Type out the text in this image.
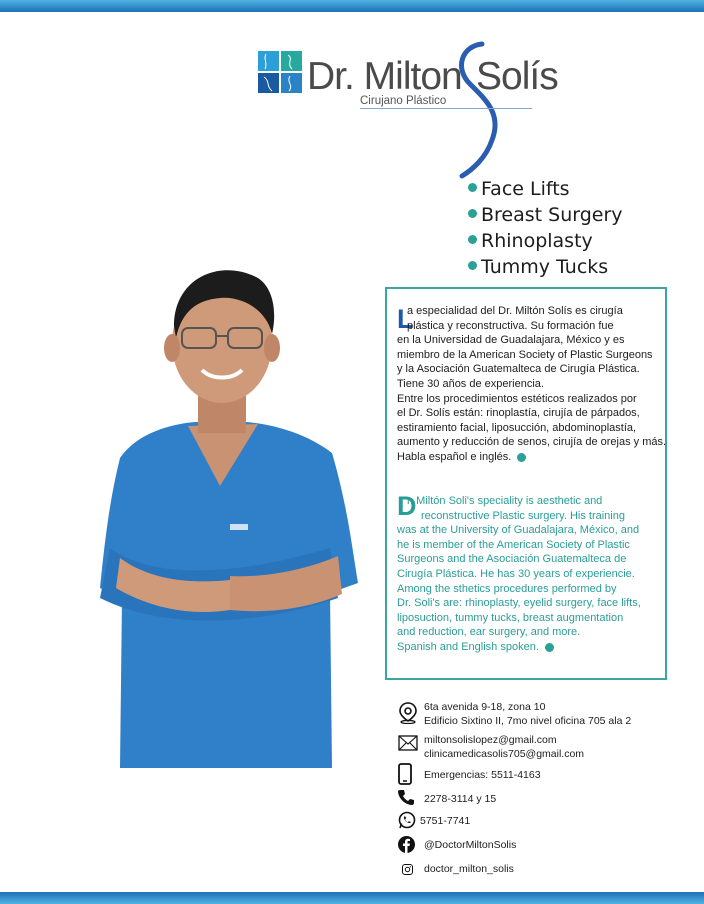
Dr. Milton Solís
Cirujano Plástico
Face Lifts
Breast Surgery
Rhinoplasty
Tummy Tucks
L
a especialidad del Dr. Miltón Solís es cirugía
plástica y reconstructiva. Su formación fue
en la Universidad de Guadalajara, México y es
miembro de la American Society of Plastic Surgeons
y la Asociación Guatemalteca de Cirugía Plástica.
Tiene 30 años de experiencia.
Entre los procedimientos estéticos realizados por
el Dr. Solís están: rinoplastía, cirujía de párpados,
estiramiento facial, liposucción, abdominoplastía,
aumento y reducción de senos, cirujía de orejas y más.
Habla español e inglés.
D
r. Miltón Soli's speciality is aesthetic and
reconstructive Plastic surgery. His training
was at the University of Guadalajara, México, and
he is member of the American Society of Plastic
Surgeons and the Asociación Guatemalteca de
Cirugía Plástica. He has 30 years of experiencie.
Among the sthetics procedures performed by
Dr. Soli's are: rhinoplasty, eyelid surgery, face lifts,
liposuction, tummy tucks, breast augmentation
and reduction, ear surgery, and more.
Spanish and English spoken.
6ta avenida 9-18, zona 10
Edificio Sixtino II, 7mo nivel oficina 705 ala 2
miltonsolislopez@gmail.com
clinicamedicasolis705@gmail.com
Emergencias: 5511-4163
2278-3114 y 15
5751-7741
@DoctorMiltonSolis
doctor_milton_solis
